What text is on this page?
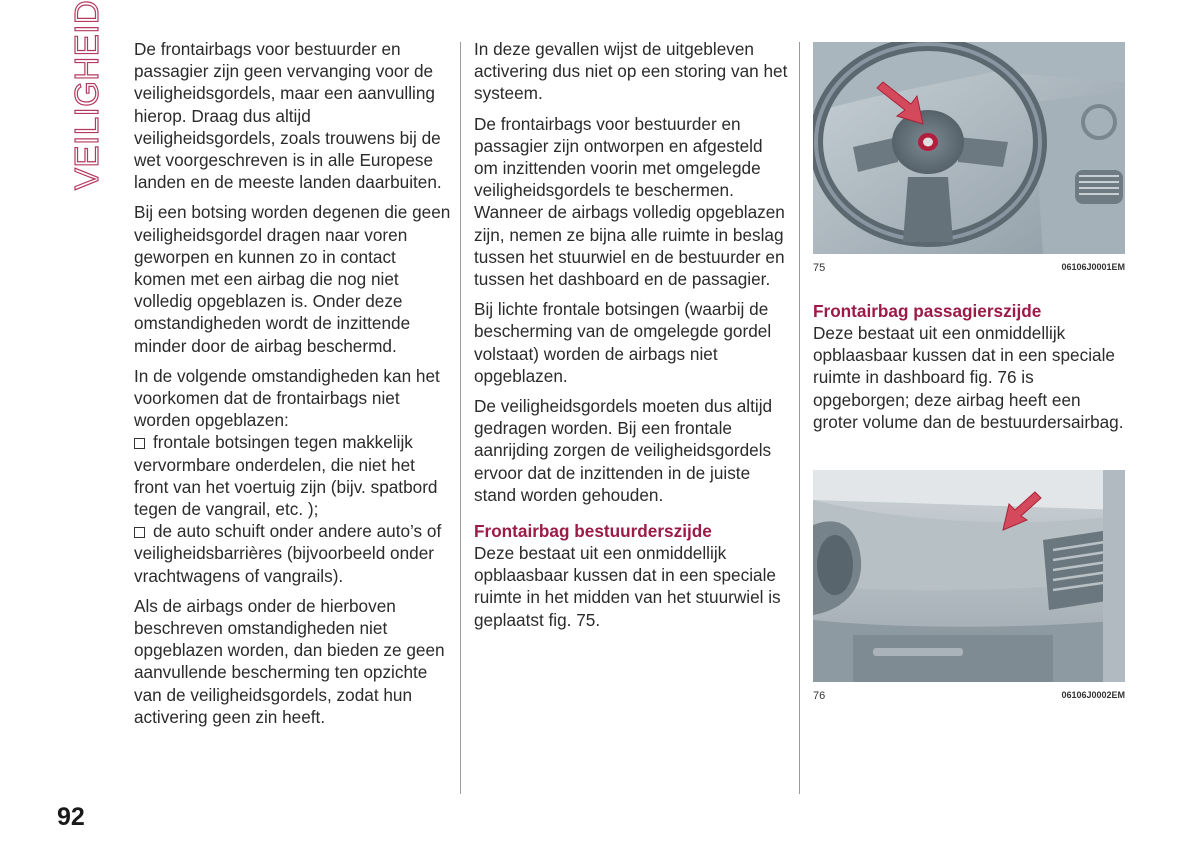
VEILIGHEID De frontairbags voor bestuurder en passagier zijn geen vervanging voor de veiligheidsgordels, maar een aanvulling hierop. Draag dus altijd veiligheidsgordels, zoals trouwens bij de wet voorgeschreven is in alle Europese landen en de meeste landen daarbuiten.

Bij een botsing worden degenen die geen veiligheidsgordel dragen naar voren geworpen en kunnen zo in contact komen met een airbag die nog niet volledig opgeblazen is. Onder deze omstandigheden wordt de inzittende minder door de airbag beschermd.

In de volgende omstandigheden kan het voorkomen dat de frontairbags niet worden opgeblazen:

frontale botsingen tegen makkelijk vervormbare onderdelen, die niet het front van het voertuig zijn (bijv. spatbord tegen de vangrail, etc. );
de auto schuift onder andere auto’s of veiligheidsbarrières (bijvoorbeeld onder vrachtwagens of vangrails).

Als de airbags onder de hierboven beschreven omstandigheden niet opgeblazen worden, dan bieden ze geen aanvullende bescherming ten opzichte van de veiligheidsgordels, zodat hun activering geen zin heeft.

In deze gevallen wijst de uitgebleven activering dus niet op een storing van het systeem.

De frontairbags voor bestuurder en passagier zijn ontworpen en afgesteld om inzittenden voorin met omgelegde veiligheidsgordels te beschermen. Wanneer de airbags volledig opgeblazen zijn, nemen ze bijna alle ruimte in beslag tussen het stuurwiel en de bestuurder en tussen het dashboard en de passagier.

Bij lichte frontale botsingen (waarbij de bescherming van de omgelegde gordel volstaat) worden de airbags niet opgeblazen.

De veiligheidsgordels moeten dus altijd gedragen worden. Bij een frontale aanrijding zorgen de veiligheidsgordels ervoor dat de inzittenden in de juiste stand worden gehouden.

Frontairbag bestuurderszijde

Deze bestaat uit een onmiddellijk opblaasbaar kussen dat in een speciale ruimte in het midden van het stuurwiel is geplaatst fig. 75.

75	06106J0001EM
Frontairbag passagierszijde

Deze bestaat uit een onmiddellijk opblaasbaar kussen dat in een speciale ruimte in dashboard fig. 76 is opgeborgen; deze airbag heeft een groter volume dan de bestuurdersairbag.

76	06106J0002EM
92
